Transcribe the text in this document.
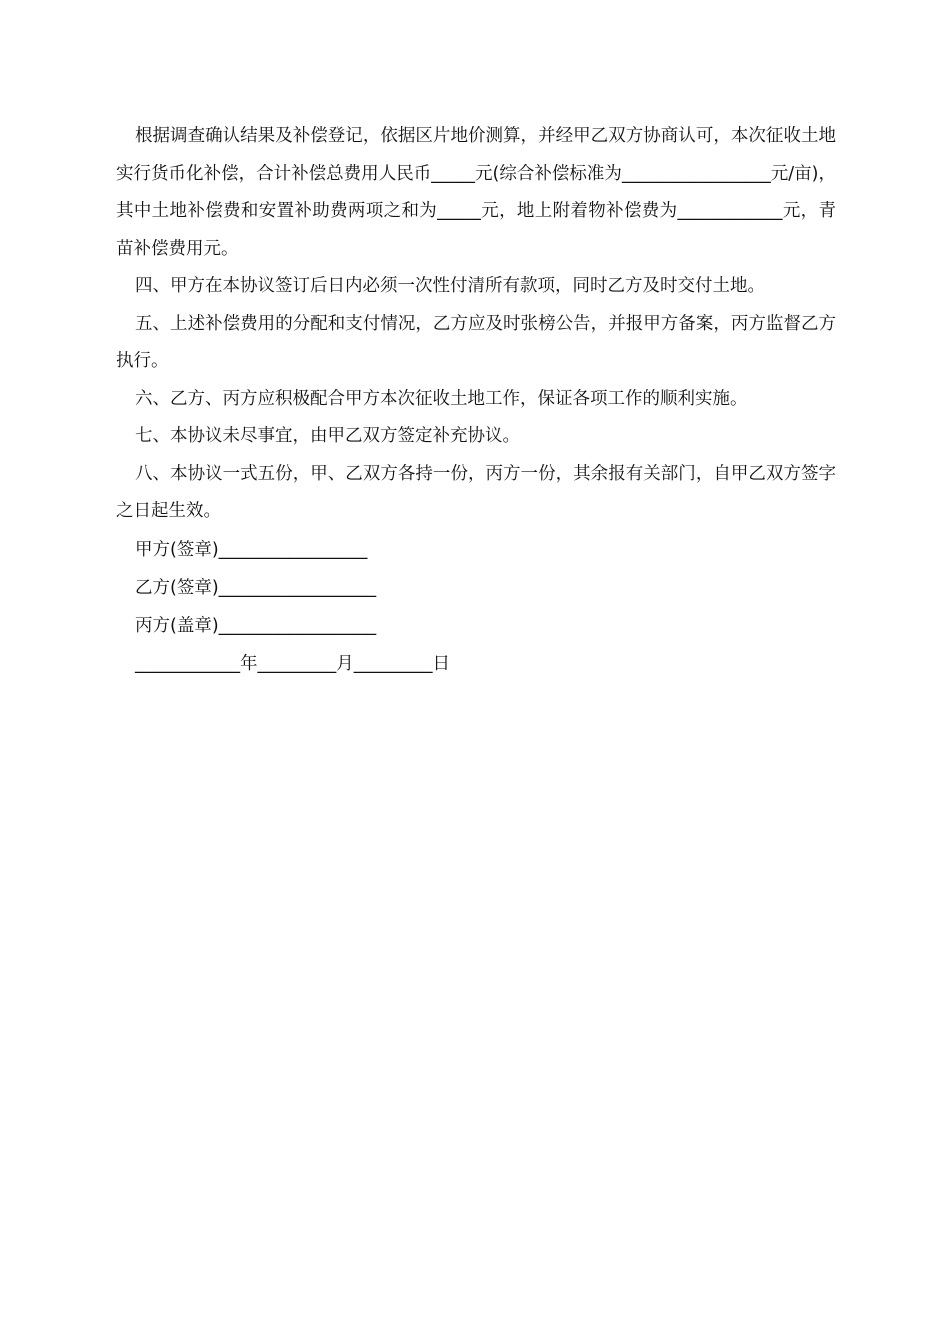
根据调查确认结果及补偿登记，依据区片地价测算，并经甲乙双方协商认可，本次征收土地实行货币化补偿，合计补偿总费用人民币_____元(综合补偿标准为_________________元/亩)，其中土地补偿费和安置补助费两项之和为_____元，地上附着物补偿费为____________元，青苗补偿费用元。

四、甲方在本协议签订后日内必须一次性付清所有款项，同时乙方及时交付土地。

五、上述补偿费用的分配和支付情况，乙方应及时张榜公告，并报甲方备案，丙方监督乙方执行。

六、乙方、丙方应积极配合甲方本次征收土地工作，保证各项工作的顺利实施。

七、本协议未尽事宜，由甲乙双方签定补充协议。

八、本协议一式五份，甲、乙双方各持一份，丙方一份，其余报有关部门，自甲乙双方签字之日起生效。

甲方(签章)_________________
乙方(签章)__________________
丙方(盖章)__________________
____________年_________月_________日
